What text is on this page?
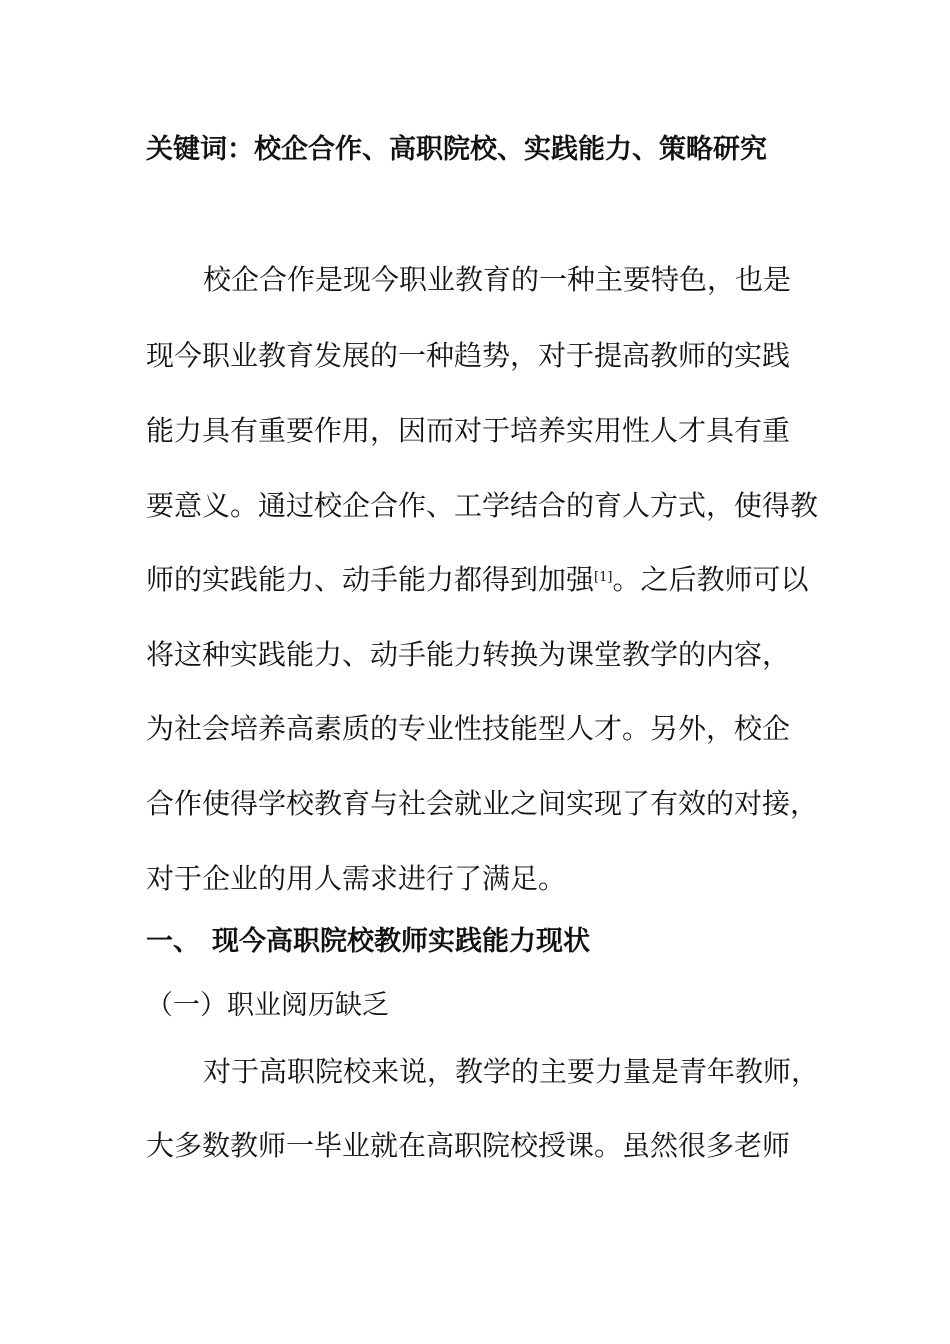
关键词：校企合作、高职院校、实践能力、策略研究
校企合作是现今职业教育的一种主要特色，也是
现今职业教育发展的一种趋势，对于提高教师的实践
能力具有重要作用，因而对于培养实用性人才具有重
要意义。通过校企合作、工学结合的育人方式，使得教
师的实践能力、动手能力都得到加强[1]。之后教师可以
将这种实践能力、动手能力转换为课堂教学的内容，
为社会培养高素质的专业性技能型人才。另外，校企
合作使得学校教育与社会就业之间实现了有效的对接，
对于企业的用人需求进行了满足。
一、 现今高职院校教师实践能力现状
（一）职业阅历缺乏
对于高职院校来说，教学的主要力量是青年教师，
大多数教师一毕业就在高职院校授课。虽然很多老师
